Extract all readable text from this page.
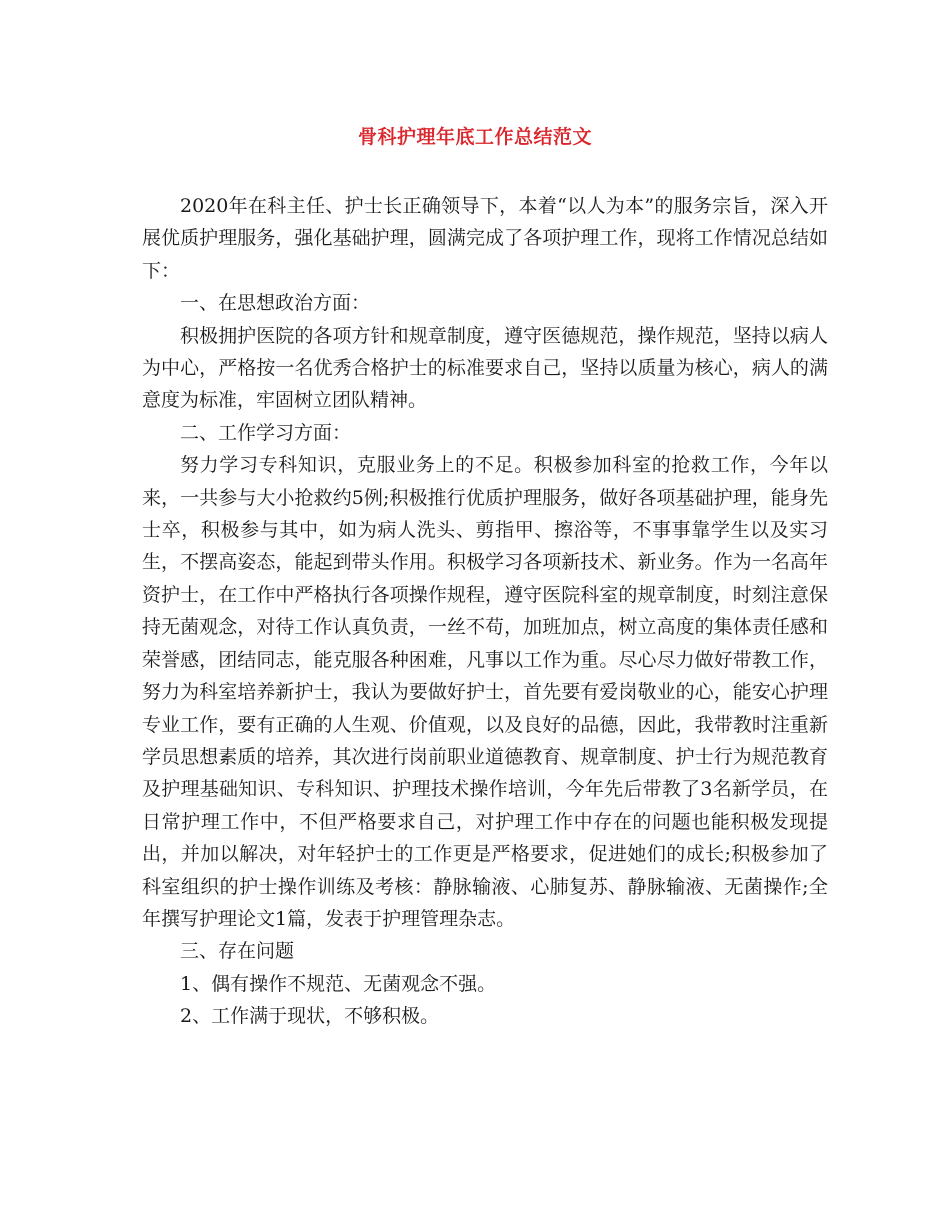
骨科护理年底工作总结范文

2020年在科主任、护士长正确领导下，本着“以人为本”的服务宗旨，深入开展优质护理服务，强化基础护理，圆满完成了各项护理工作，现将工作情况总结如下：

一、在思想政治方面：

积极拥护医院的各项方针和规章制度，遵守医德规范，操作规范，坚持以病人为中心，严格按一名优秀合格护士的标准要求自己，坚持以质量为核心，病人的满意度为标准，牢固树立团队精神。

二、工作学习方面：

努力学习专科知识，克服业务上的不足。积极参加科室的抢救工作，今年以来，一共参与大小抢救约5例;积极推行优质护理服务，做好各项基础护理，能身先士卒，积极参与其中，如为病人洗头、剪指甲、擦浴等，不事事靠学生以及实习生，不摆高姿态，能起到带头作用。积极学习各项新技术、新业务。作为一名高年资护士，在工作中严格执行各项操作规程，遵守医院科室的规章制度，时刻注意保持无菌观念，对待工作认真负责，一丝不苟，加班加点，树立高度的集体责任感和荣誉感，团结同志，能克服各种困难，凡事以工作为重。尽心尽力做好带教工作，努力为科室培养新护士，我认为要做好护士，首先要有爱岗敬业的心，能安心护理专业工作，要有正确的人生观、价值观，以及良好的品德，因此，我带教时注重新学员思想素质的培养，其次进行岗前职业道德教育、规章制度、护士行为规范教育及护理基础知识、专科知识、护理技术操作培训，今年先后带教了3名新学员，在日常护理工作中，不但严格要求自己，对护理工作中存在的问题也能积极发现提出，并加以解决，对年轻护士的工作更是严格要求，促进她们的成长;积极参加了科室组织的护士操作训练及考核：静脉输液、心肺复苏、静脉输液、无菌操作;全年撰写护理论文1篇，发表于护理管理杂志。

三、存在问题

1、偶有操作不规范、无菌观念不强。

2、工作满于现状，不够积极。
